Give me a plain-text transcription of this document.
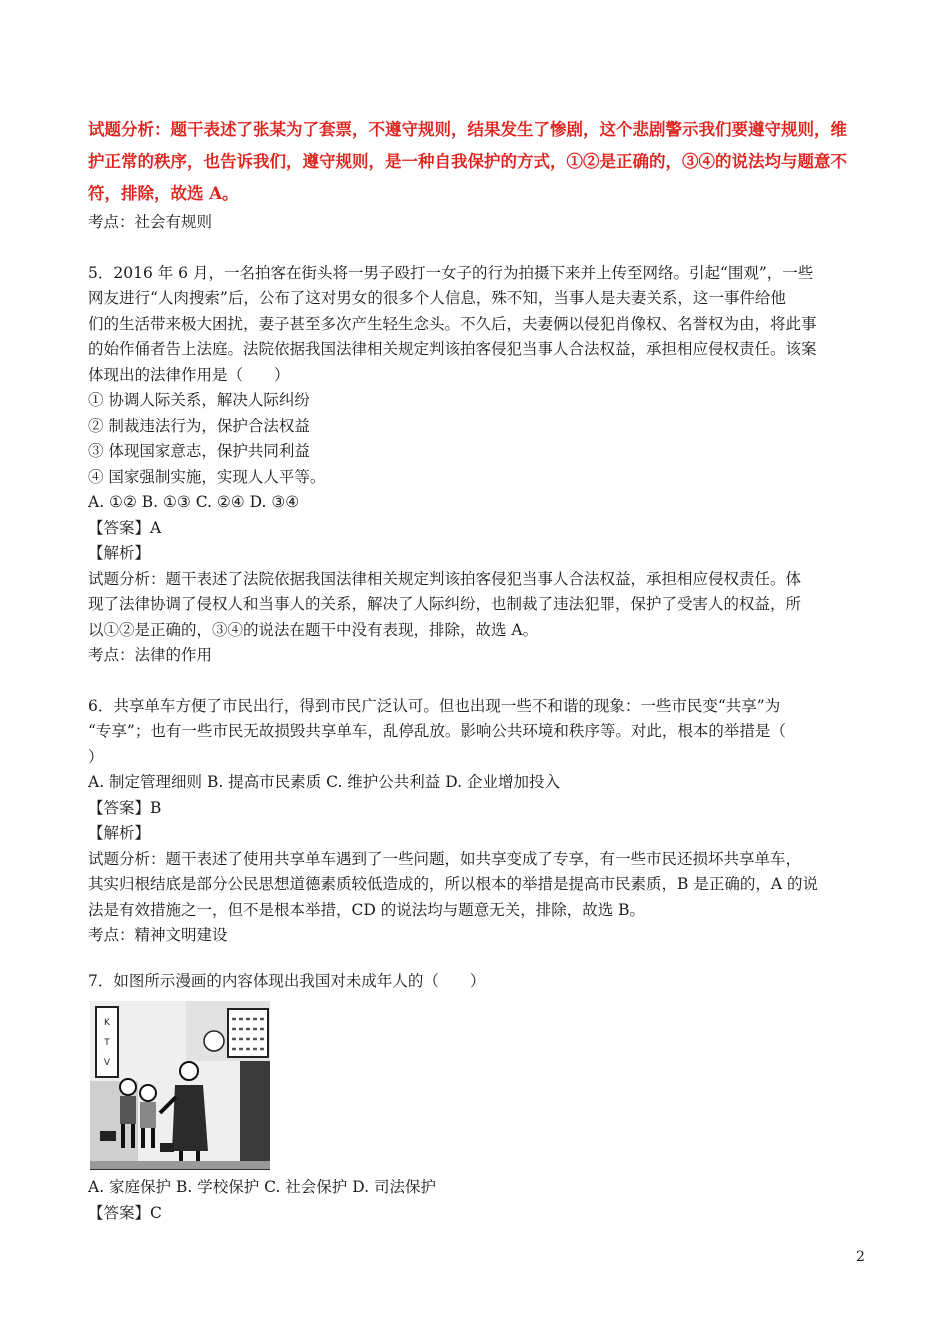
试题分析：题干表述了张某为了套票，不遵守规则，结果发生了惨剧，这个悲剧警示我们要遵守规则，维
护正常的秩序，也告诉我们，遵守规则，是一种自我保护的方式，①②是正确的，③④的说法均与题意不
符，排除，故选 A。
考点：社会有规则
5．2016 年 6 月，一名拍客在街头将一男子殴打一女子的行为拍摄下来并上传至网络。引起“围观”，一些
网友进行“人肉搜索”后，公布了这对男女的很多个人信息，殊不知，当事人是夫妻关系，这一事件给他
们的生活带来极大困扰，妻子甚至多次产生轻生念头。不久后，夫妻俩以侵犯肖像权、名誉权为由，将此事
的始作俑者告上法庭。法院依据我国法律相关规定判该拍客侵犯当事人合法权益，承担相应侵权责任。该案
体现出的法律作用是（　　）
① 协调人际关系，解决人际纠纷
② 制裁违法行为，保护合法权益
③ 体现国家意志，保护共同利益
④ 国家强制实施，实现人人平等。
A. ①② B. ①③ C. ②④ D. ③④
【答案】A
【解析】
试题分析：题干表述了法院依据我国法律相关规定判该拍客侵犯当事人合法权益，承担相应侵权责任。体
现了法律协调了侵权人和当事人的关系，解决了人际纠纷，也制裁了违法犯罪，保护了受害人的权益，所
以①②是正确的，③④的说法在题干中没有表现，排除，故选 A。
考点：法律的作用
6．共享单车方便了市民出行，得到市民广泛认可。但也出现一些不和谐的现象：一些市民变“共享”为
“专享”；也有一些市民无故损毁共享单车，乱停乱放。影响公共环境和秩序等。对此，根本的举措是（
）
A. 制定管理细则 B. 提高市民素质 C. 维护公共利益 D. 企业增加投入
【答案】B
【解析】
试题分析：题干表述了使用共享单车遇到了一些问题，如共享变成了专享，有一些市民还损坏共享单车，
其实归根结底是部分公民思想道德素质较低造成的，所以根本的举措是提高市民素质，B 是正确的，A 的说
法是有效措施之一，但不是根本举措，CD 的说法均与题意无关，排除，故选 B。
考点：精神文明建设
7．如图所示漫画的内容体现出我国对未成年人的（　　）
K
T
V
A. 家庭保护 B. 学校保护 C. 社会保护 D. 司法保护
【答案】C
2
